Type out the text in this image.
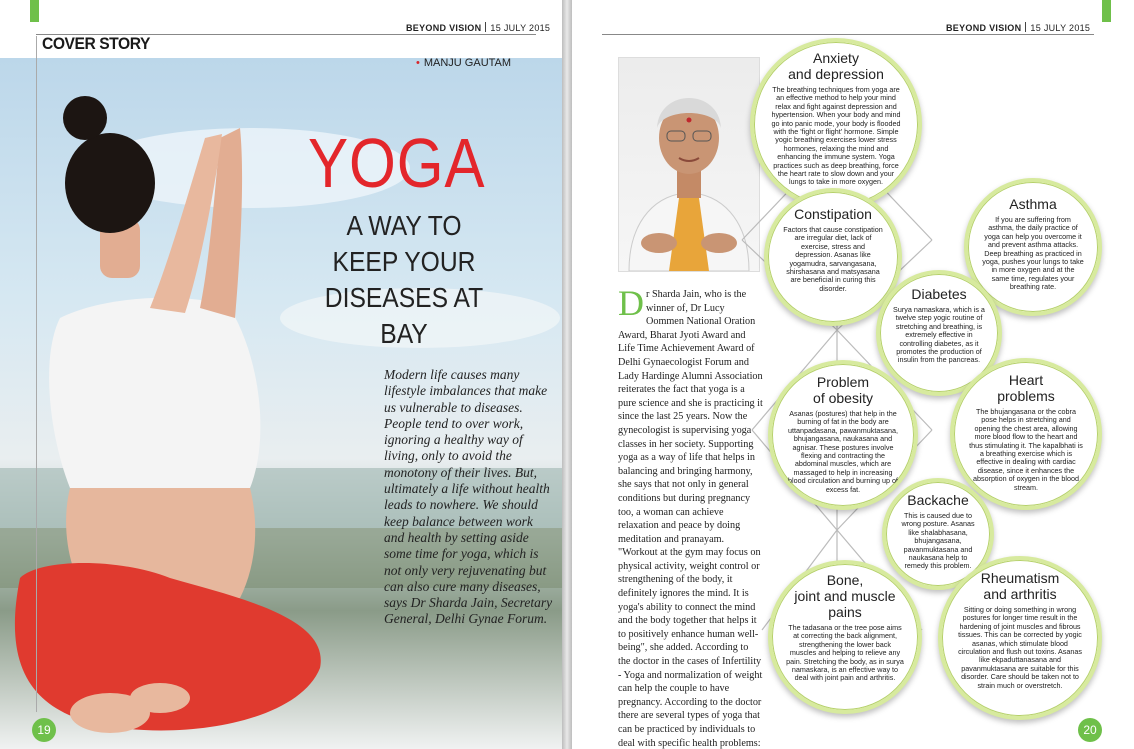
BEYOND VISION 15 JULY 2015
COVER STORY
• MANJU GAUTAM
YOGA
A WAY TO
KEEP YOUR
DISEASES AT BAY
Modern life causes many lifestyle imbalances that make us vulnerable to diseases. People tend to over work, ignoring a healthy way of living, only to avoid the monotony of their lives. But, ultimately a life without health leads to nowhere. We should keep balance between work and health by setting aside some time for yoga, which is not only very rejuvenating but can also cure many diseases, says Dr Sharda Jain, Secretary General, Delhi Gynae Forum.
19
BEYOND VISION 15 JULY 2015
Dr Sharda Jain, who is the winner of, Dr Lucy Oommen National Oration Award, Bharat Jyoti Award and Life Time Achievement Award of Delhi Gynaecologist Forum and Lady Hardinge Alumni Association reiterates the fact that yoga is a pure science and she is practicing it since the last 25 years. Now the gynecologist is supervising yoga classes in her society. Supporting yoga as a way of life that helps in balancing and bringing harmony, she says that not only in general conditions but during pregnancy too, a woman can achieve relaxation and peace by doing meditation and pranayam. "Workout at the gym may focus on physical activity, weight control or strengthening of the body, it definitely ignores the mind. It is yoga's ability to connect the mind and the body together that helps it to positively enhance human well-being", she added. According to the doctor in the cases of Infertility - Yoga and normalization of weight can help the couple to have pregnancy. According to the doctor there are several types of yoga that can be practiced by individuals to deal with specific health problems:
Anxiety
and depression
The breathing techniques from yoga are an effective method to help your mind relax and fight against depression and hypertension. When your body and mind go into panic mode, your body is flooded with the 'fight or flight' hormone. Simple yogic breathing exercises lower stress hormones, relaxing the mind and enhancing the immune system. Yoga practices such as deep breathing, force the heart rate to slow down and your lungs to take in more oxygen.
Constipation
Factors that cause constipation are irregular diet, lack of exercise, stress and depression. Asanas like yogamudra, sarvangasana, shirshasana and matsyasana are beneficial in curing this disorder.
Asthma
If you are suffering from asthma, the daily practice of yoga can help you overcome it and prevent asthma attacks. Deep breathing as practiced in yoga, pushes your lungs to take in more oxygen and at the same time, regulates your breathing rate.
Diabetes
Surya namaskara, which is a twelve step yogic routine of stretching and breathing, is extremely effective in controlling diabetes, as it promotes the production of insulin from the pancreas.
Problem
of obesity
Asanas (postures) that help in the burning of fat in the body are uttanpadasana, pawanmuktasana, bhujangasana, naukasana and agnisar. These postures involve flexing and contracting the abdominal muscles, which are massaged to help in increasing blood circulation and burning up of excess fat.
Heart
problems
The bhujangasana or the cobra pose helps in stretching and opening the chest area, allowing more blood flow to the heart and thus stimulating it. The kapalbhati is a breathing exercise which is effective in dealing with cardiac disease, since it enhances the absorption of oxygen in the blood stream.
Backache
This is caused due to wrong posture. Asanas like shalabhasana, bhujangasana, pavanmuktasana and naukasana help to remedy this problem.
Bone,
joint and muscle
pains
The tadasana or the tree pose aims at correcting the back alignment, strengthening the lower back muscles and helping to relieve any pain. Stretching the body, as in surya namaskara, is an effective way to deal with joint pain and arthritis.
Rheumatism
and arthritis
Sitting or doing something in wrong postures for longer time result in the hardening of joint muscles and fibrous tissues. This can be corrected by yogic asanas, which stimulate blood circulation and flush out toxins. Asanas like ekpaduttanasana and pavanmuktasana are suitable for this disorder. Care should be taken not to strain much or overstretch.
20
